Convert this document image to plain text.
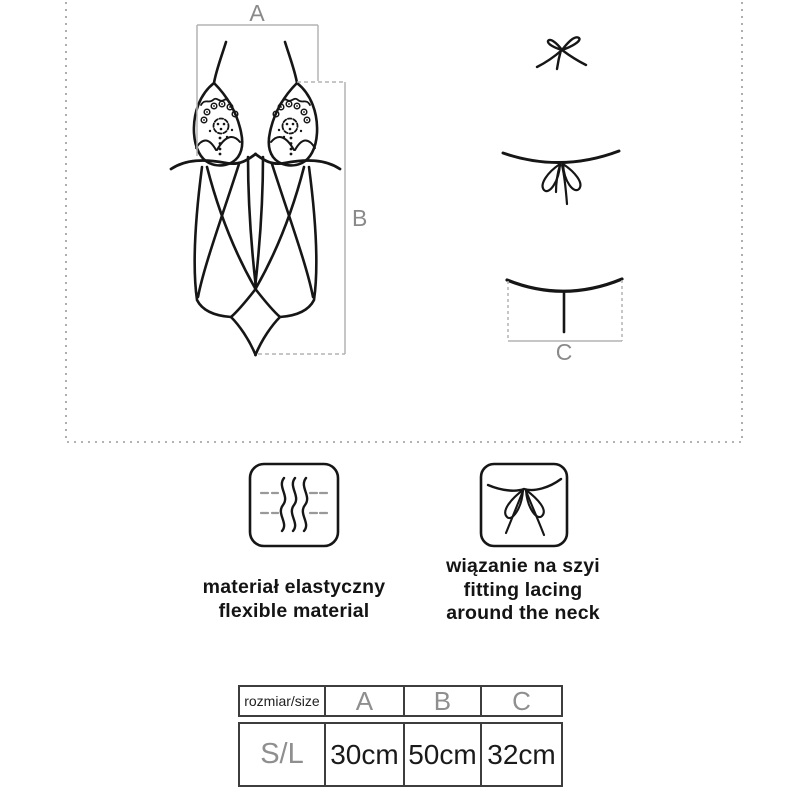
A
B
C
materiał elastyczny
flexible material
wiązanie na szyi
fitting lacing
around the neck
rozmiar/size	A	B	C
S/L 30cm 50cm 32cm
